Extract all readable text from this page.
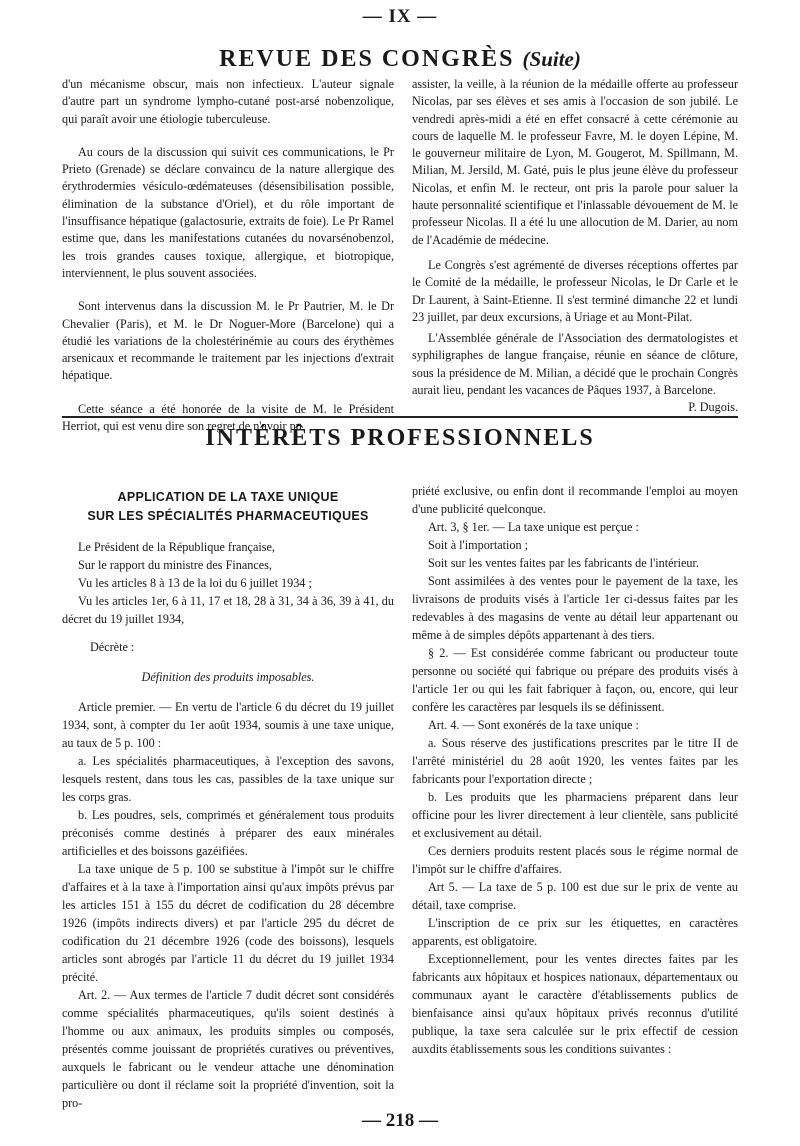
— IX —
REVUE DES CONGRÈS (Suite)

d'un mécanisme obscur, mais non infectieux. L'auteur signale d'autre part un syndrome lympho-cutané post-arsé nobenzolique, qui paraît avoir une étiologie tuberculeuse.

Au cours de la discussion qui suivit ces communications, le Pr Prieto (Grenade) se déclare convaincu de la nature allergique des érythrodermies vésiculo-œdémateuses (désensibilisation possible, élimination de la substance d'Oriel), et du rôle important de l'insuffisance hépatique (galactosurie, extraits de foie). Le Pr Ramel estime que, dans les manifestations cutanées du novarsénobenzol, les trois grandes causes toxique, allergique, et biotropique, interviennent, le plus souvent associées.

Sont intervenus dans la discussion M. le Pr Pautrier, M. le Dr Chevalier (Paris), et M. le Dr Noguer-More (Barcelone) qui a étudié les variations de la cholestérinémie au cours des érythèmes arsenicaux et recommande le traitement par les injections d'extrait hépatique.

Cette séance a été honorée de la visite de M. le Président Herriot, qui est venu dire son regret de n'avoir pu

assister, la veille, à la réunion de la médaille offerte au professeur Nicolas, par ses élèves et ses amis à l'occasion de son jubilé. Le vendredi après-midi a été en effet consacré à cette cérémonie au cours de laquelle M. le professeur Favre, M. le doyen Lépine, M. le gouverneur militaire de Lyon, M. Gougerot, M. Spillmann, M. Milian, M. Jersild, M. Gaté, puis le plus jeune élève du professeur Nicolas, et enfin M. le recteur, ont pris la parole pour saluer la haute personnalité scientifique et l'inlassable dévouement de M. le professeur Nicolas. Il a été lu une allocution de M. Darier, au nom de l'Académie de médecine.

Le Congrès s'est agrémenté de diverses réceptions offertes par le Comité de la médaille, le professeur Nicolas, le Dr Carle et le Dr Laurent, à Saint-Etienne. Il s'est terminé dimanche 22 et lundi 23 juillet, par deux excursions, à Uriage et au Mont-Pilat.

L'Assemblée générale de l'Association des dermatologistes et syphiligraphes de langue française, réunie en séance de clôture, sous la présidence de M. Milian, a décidé que le prochain Congrès aurait lieu, pendant les vacances de Pâques 1937, à Barcelone.

P. Dugois.

INTÉRÊTS PROFESSIONNELS
APPLICATION DE LA TAXE UNIQUE
SUR LES SPÉCIALITÉS PHARMACEUTIQUES

Le Président de la République française,

Sur le rapport du ministre des Finances,

Vu les articles 8 à 13 de la loi du 6 juillet 1934 ;

Vu les articles 1er, 6 à 11, 17 et 18, 28 à 31, 34 à 36, 39 à 41, du décret du 19 juillet 1934,

Décrète :

Définition des produits imposables.

Article premier. — En vertu de l'article 6 du décret du 19 juillet 1934, sont, à compter du 1er août 1934, soumis à une taxe unique, au taux de 5 p. 100 :

a. Les spécialités pharmaceutiques, à l'exception des savons, lesquels restent, dans tous les cas, passibles de la taxe unique sur les corps gras.

b. Les poudres, sels, comprimés et généralement tous produits préconisés comme destinés à préparer des eaux minérales artificielles et des boissons gazéifiées.

La taxe unique de 5 p. 100 se substitue à l'impôt sur le chiffre d'affaires et à la taxe à l'importation ainsi qu'aux impôts prévus par les articles 151 à 155 du décret de codification du 28 décembre 1926 (impôts indirects divers) et par l'article 295 du décret de codification du 21 décembre 1926 (code des boissons), lesquels articles sont abrogés par l'article 11 du décret du 19 juillet 1934 précité.

Art. 2. — Aux termes de l'article 7 dudit décret sont considérés comme spécialités pharmaceutiques, qu'ils soient destinés à l'homme ou aux animaux, les produits simples ou composés, présentés comme jouissant de propriétés curatives ou préventives, auxquels le fabricant ou le vendeur attache une dénomination particulière ou dont il réclame soit la propriété d'invention, soit la pro-

priété exclusive, ou enfin dont il recommande l'emploi au moyen d'une publicité quelconque.

Art. 3, § 1er. — La taxe unique est perçue :

Soit à l'importation ;

Soit sur les ventes faites par les fabricants de l'intérieur.

Sont assimilées à des ventes pour le payement de la taxe, les livraisons de produits visés à l'article 1er ci-dessus faites par les redevables à des magasins de vente au détail leur appartenant ou même à de simples dépôts appartenant à des tiers.

§ 2. — Est considérée comme fabricant ou producteur toute personne ou société qui fabrique ou prépare des produits visés à l'article 1er ou qui les fait fabriquer à façon, ou, encore, qui leur confère les caractères par lesquels ils se définissent.

Art. 4. — Sont exonérés de la taxe unique :

a. Sous réserve des justifications prescrites par le titre II de l'arrêté ministériel du 28 août 1920, les ventes faites par les fabricants pour l'exportation directe ;

b. Les produits que les pharmaciens préparent dans leur officine pour les livrer directement à leur clientèle, sans publicité et exclusivement au détail.

Ces derniers produits restent placés sous le régime normal de l'impôt sur le chiffre d'affaires.

Art 5. — La taxe de 5 p. 100 est due sur le prix de vente au détail, taxe comprise.

L'inscription de ce prix sur les étiquettes, en caractères apparents, est obligatoire.

Exceptionnellement, pour les ventes directes faites par les fabricants aux hôpitaux et hospices nationaux, départementaux ou communaux ayant le caractère d'établissements publics de bienfaisance ainsi qu'aux hôpitaux privés reconnus d'utilité publique, la taxe sera calculée sur le prix effectif de cession auxdits établissements sous les conditions suivantes :

— 218 —
